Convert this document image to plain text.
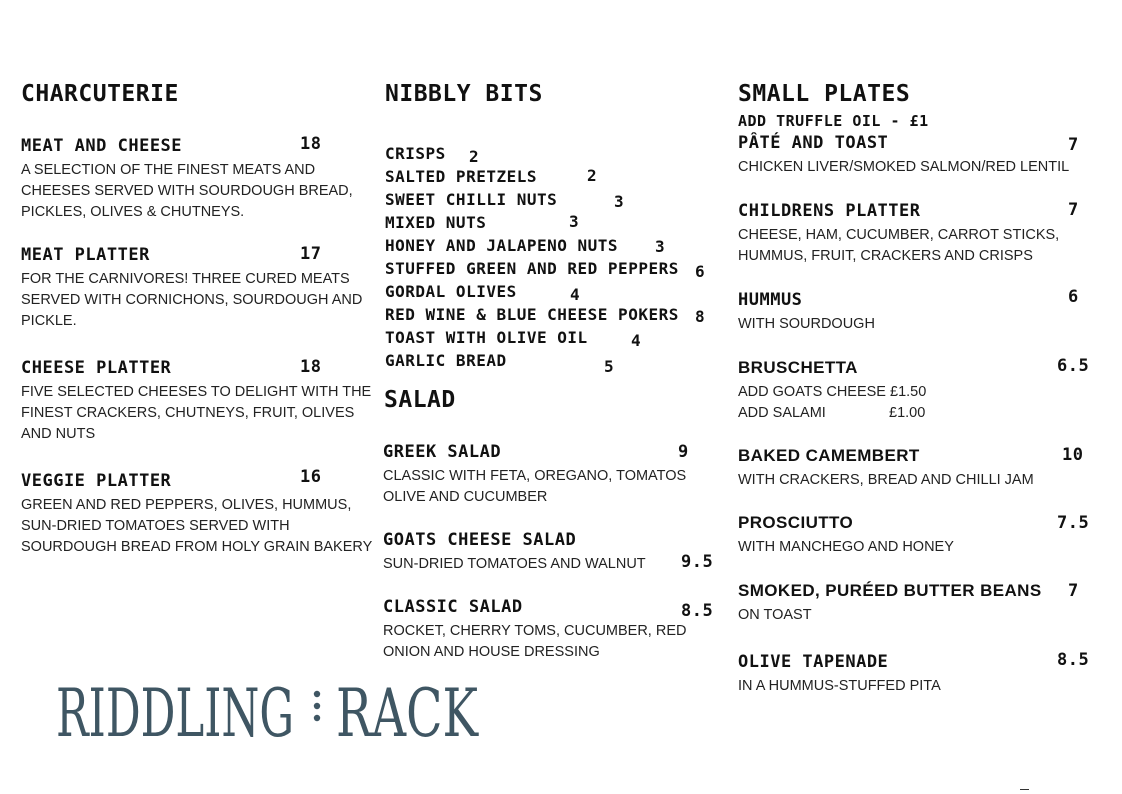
CHARCUTERIE
MEAT AND CHEESE	18
A SELECTION OF THE FINEST MEATS AND
CHEESES SERVED WITH SOURDOUGH BREAD,
PICKLES, OLIVES & CHUTNEYS.
MEAT PLATTER	17
FOR THE CARNIVORES! THREE CURED MEATS
SERVED WITH CORNICHONS, SOURDOUGH AND
PICKLE.
CHEESE PLATTER	18
FIVE SELECTED CHEESES TO DELIGHT WITH THE
FINEST CRACKERS, CHUTNEYS, FRUIT, OLIVES
AND NUTS
VEGGIE PLATTER	16
GREEN AND RED PEPPERS, OLIVES, HUMMUS,
SUN-DRIED TOMATOES SERVED WITH
SOURDOUGH BREAD FROM HOLY GRAIN BAKERY
NIBBLY BITS
CRISPS 2
SALTED PRETZELS	2
SWEET CHILLI NUTS	3
MIXED NUTS	3
HONEY AND JALAPENO NUTS 3
STUFFED GREEN AND RED PEPPERS 6
GORDAL OLIVES	4
RED WINE & BLUE CHEESE POKERS 8
TOAST WITH OLIVE OIL	4
GARLIC BREAD	5
SALAD
GREEK SALAD	9
CLASSIC WITH FETA, OREGANO, TOMATOS
OLIVE AND CUCUMBER
GOATS CHEESE SALAD
SUN-DRIED TOMATOES AND WALNUT 9.5
CLASSIC SALAD	8.5
ROCKET, CHERRY TOMS, CUCUMBER, RED
ONION AND HOUSE DRESSING
SMALL PLATES
ADD TRUFFLE OIL - £1
PÂTÉ AND TOAST	7
CHICKEN LIVER/SMOKED SALMON/RED LENTIL
CHILDRENS PLATTER	7
CHEESE, HAM, CUCUMBER, CARROT STICKS,
HUMMUS, FRUIT, CRACKERS AND CRISPS
HUMMUS	6
WITH SOURDOUGH
BRUSCHETTA	6.5
ADD GOATS CHEESE £1.50
ADD SALAMI	£1.00
BAKED CAMEMBERT	10
WITH CRACKERS, BREAD AND CHILLI JAM
PROSCIUTTO	7.5
WITH MANCHEGO AND HONEY
SMOKED, PURÉED BUTTER BEANS 7
ON TOAST
OLIVE TAPENADE	8.5
IN A HUMMUS-STUFFED PITA
RIDDLING RACK
